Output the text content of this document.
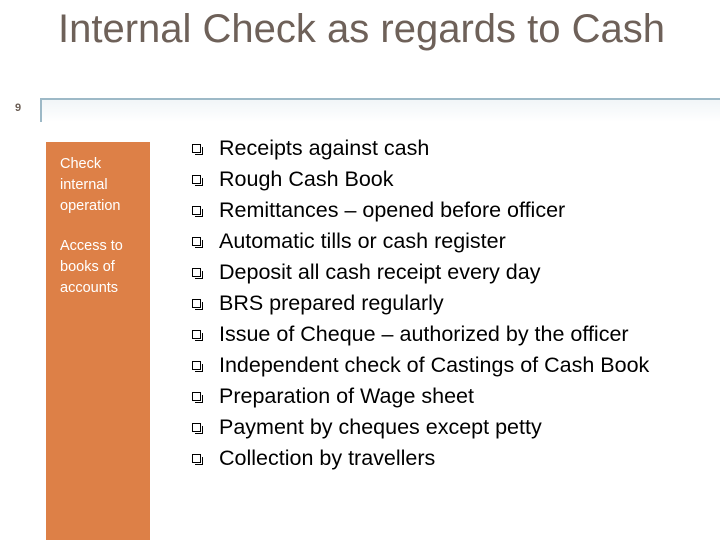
9
Internal Check as regards to Cash
Check internal operation
Access to books of accounts
Receipts against cash
Rough Cash Book
Remittances – opened before officer
Automatic tills or cash register
Deposit all cash receipt every day
BRS prepared regularly
Issue of Cheque – authorized by the officer
Independent check of Castings of Cash Book
Preparation of Wage sheet
Payment by cheques except petty
Collection by travellers
